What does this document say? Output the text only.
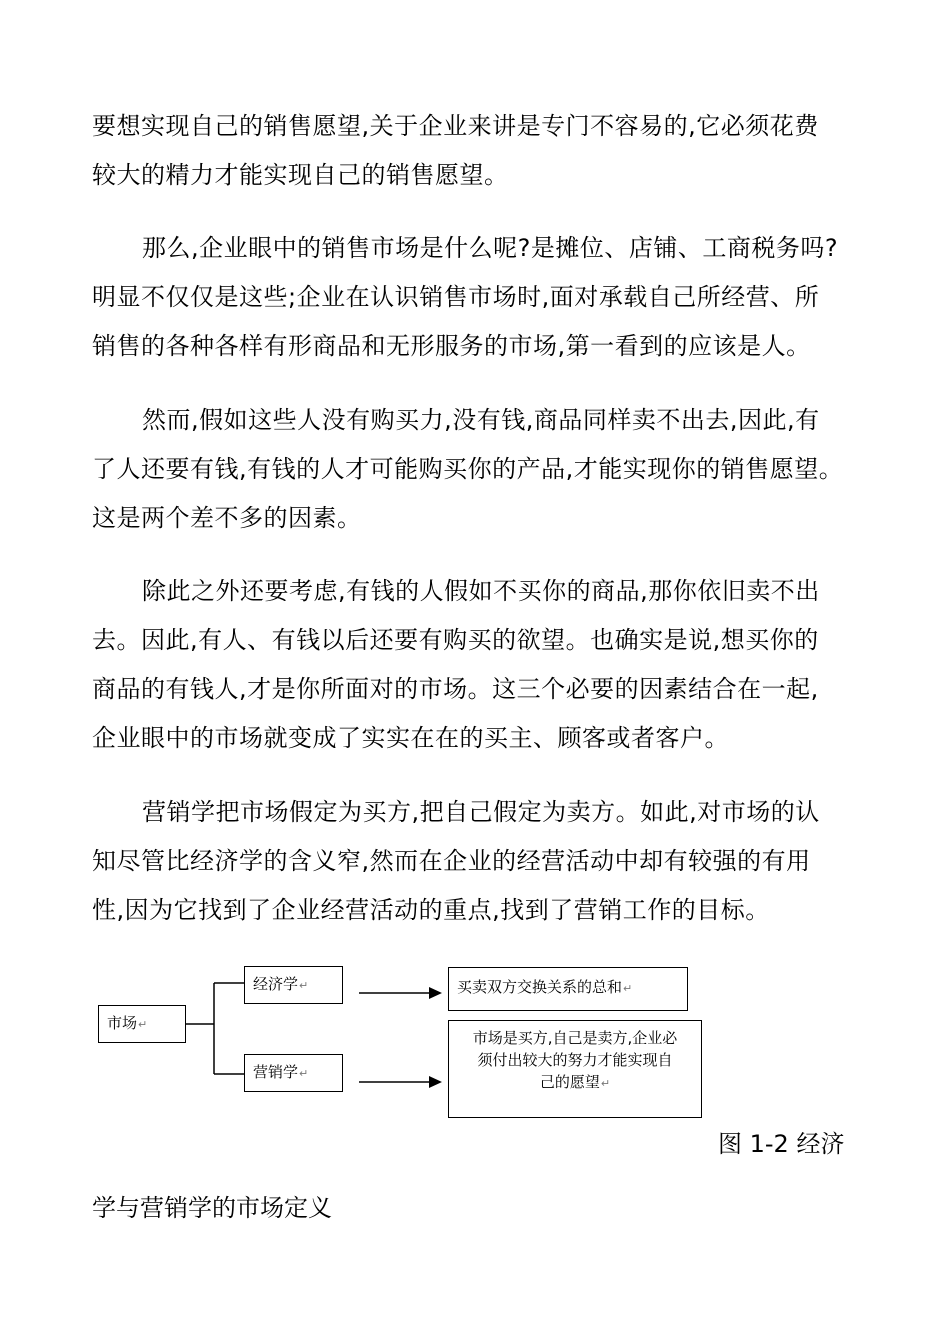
要想实现自己的销售愿望,关于企业来讲是专门不容易的,它必须花费
较大的精力才能实现自己的销售愿望。
那么,企业眼中的销售市场是什么呢?是摊位、店铺、工商税务吗?
明显不仅仅是这些;企业在认识销售市场时,面对承载自己所经营、所
销售的各种各样有形商品和无形服务的市场,第一看到的应该是人。
然而,假如这些人没有购买力,没有钱,商品同样卖不出去,因此,有
了人还要有钱,有钱的人才可能购买你的产品,才能实现你的销售愿望。
这是两个差不多的因素。
除此之外还要考虑,有钱的人假如不买你的商品,那你依旧卖不出
去。因此,有人、有钱以后还要有购买的欲望。也确实是说,想买你的
商品的有钱人,才是你所面对的市场。这三个必要的因素结合在一起,
企业眼中的市场就变成了实实在在的买主、顾客或者客户。
营销学把市场假定为买方,把自己假定为卖方。如此,对市场的认
知尽管比经济学的含义窄,然而在企业的经营活动中却有较强的有用
性,因为它找到了企业经营活动的重点,找到了营销工作的目标。
市场↵
经济学↵
营销学↵
买卖双方交换关系的总和↵
市场是买方,自己是卖方,企业必
须付出较大的努力才能实现自
己的愿望↵
图 1-2 经济
学与营销学的市场定义
